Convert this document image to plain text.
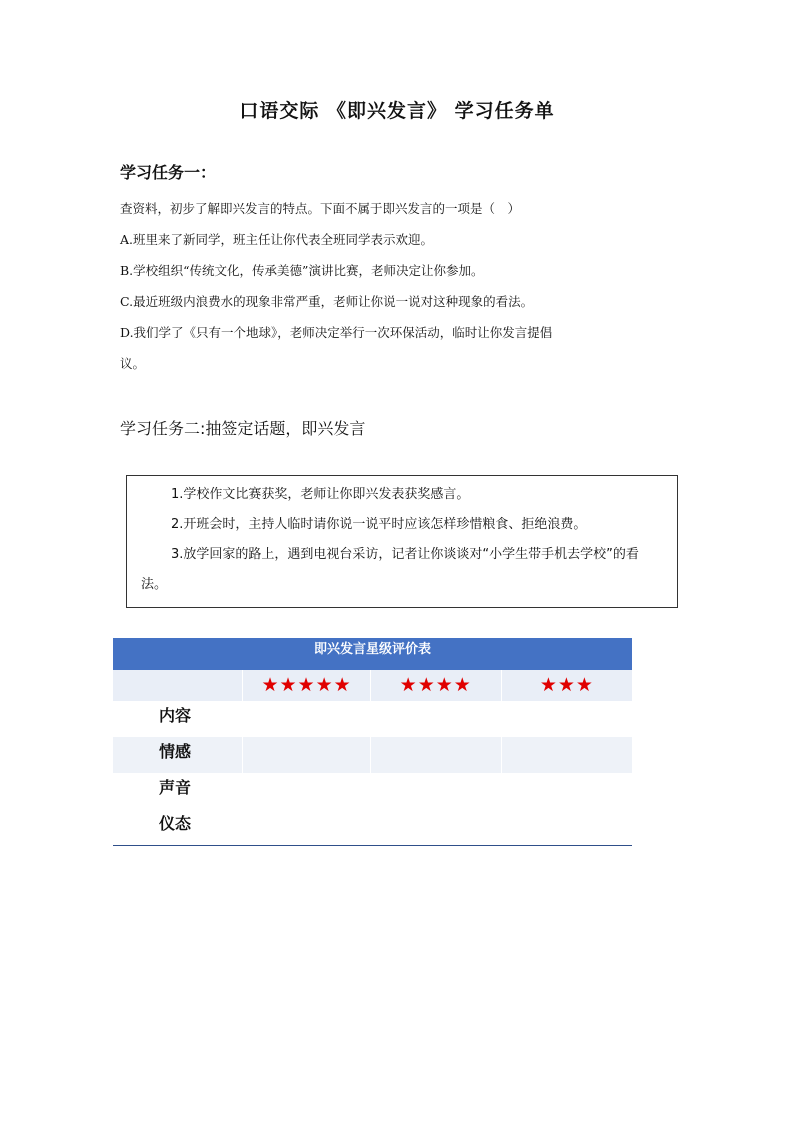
口语交际 《即兴发言》 学习任务单
学习任务一：
查资料，初步了解即兴发言的特点。下面不属于即兴发言的一项是（　）
A.班里来了新同学，班主任让你代表全班同学表示欢迎。
B.学校组织“传统文化，传承美德”演讲比赛，老师决定让你参加。
C.最近班级内浪费水的现象非常严重，老师让你说一说对这种现象的看法。
D.我们学了《只有一个地球》，老师决定举行一次环保活动，临时让你发言提倡
议。
学习任务二:抽签定话题，即兴发言
1.学校作文比赛获奖，老师让你即兴发表获奖感言。
2.开班会时，主持人临时请你说一说平时应该怎样珍惜粮食、拒绝浪费。
3.放学回家的路上，遇到电视台采访，记者让你谈谈对“小学生带手机去学校”的看法。
即兴发言星级评价表
★★★★★	★★★★	★★★
内容
情感
声音
仪态
